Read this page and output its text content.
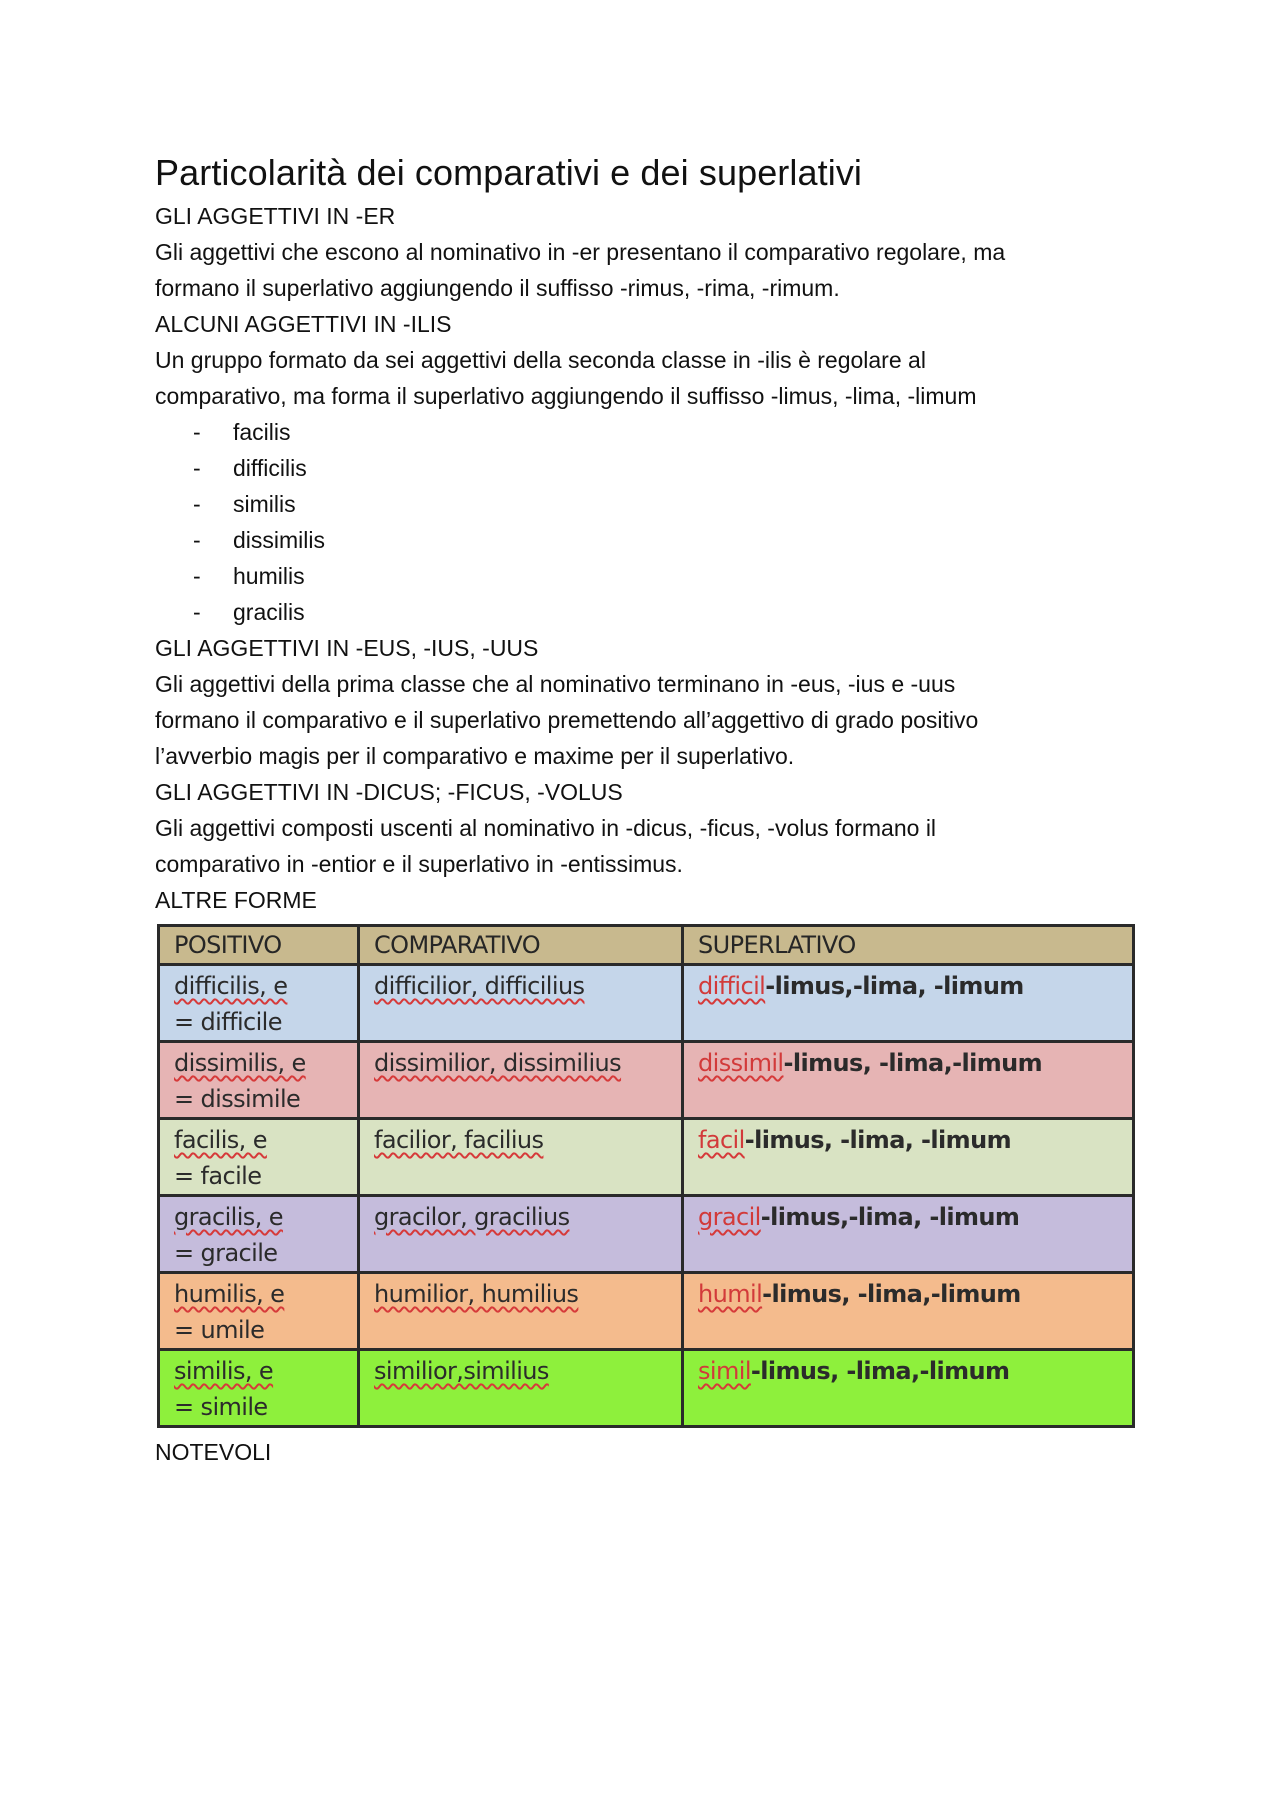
Particolarità dei comparativi e dei superlativi

GLI AGGETTIVI IN -ER

Gli aggettivi che escono al nominativo in -er presentano il comparativo regolare, ma

formano il superlativo aggiungendo il suffisso -rimus, -rima, -rimum.

ALCUNI AGGETTIVI IN -ILIS

Un gruppo formato da sei aggettivi della seconda classe in -ilis è regolare al

comparativo, ma forma il superlativo aggiungendo il suffisso -limus, -lima, -limum

- facilis
- difficilis
- similis
- dissimilis
- humilis
- gracilis

GLI AGGETTIVI IN -EUS, -IUS, -UUS

Gli aggettivi della prima classe che al nominativo terminano in -eus, -ius e -uus

formano il comparativo e il superlativo premettendo all’aggettivo di grado positivo

l’avverbio magis per il comparativo e maxime per il superlativo.

GLI AGGETTIVI IN -DICUS; -FICUS, -VOLUS

Gli aggettivi composti uscenti al nominativo in -dicus, -ficus, -volus formano il

comparativo in -entior e il superlativo in -entissimus.

ALTRE FORME

POSITIVO	COMPARATIVO	SUPERLATIVO
difficilis, e
= difficile	difficilior, difficilius	difficil-limus,-lima, -limum
dissimilis, e
= dissimile	dissimilior, dissimilius	dissimil-limus, -lima,-limum
facilis, e
= facile	facilior, facilius	facil-limus, -lima, -limum
gracilis, e
= gracile	gracilor, gracilius	gracil-limus,-lima, -limum
humilis, e
= umile	humilior, humilius	humil-limus, -lima,-limum
similis, e
= simile	similior,similius	simil-limus, -lima,-limum

NOTEVOLI
